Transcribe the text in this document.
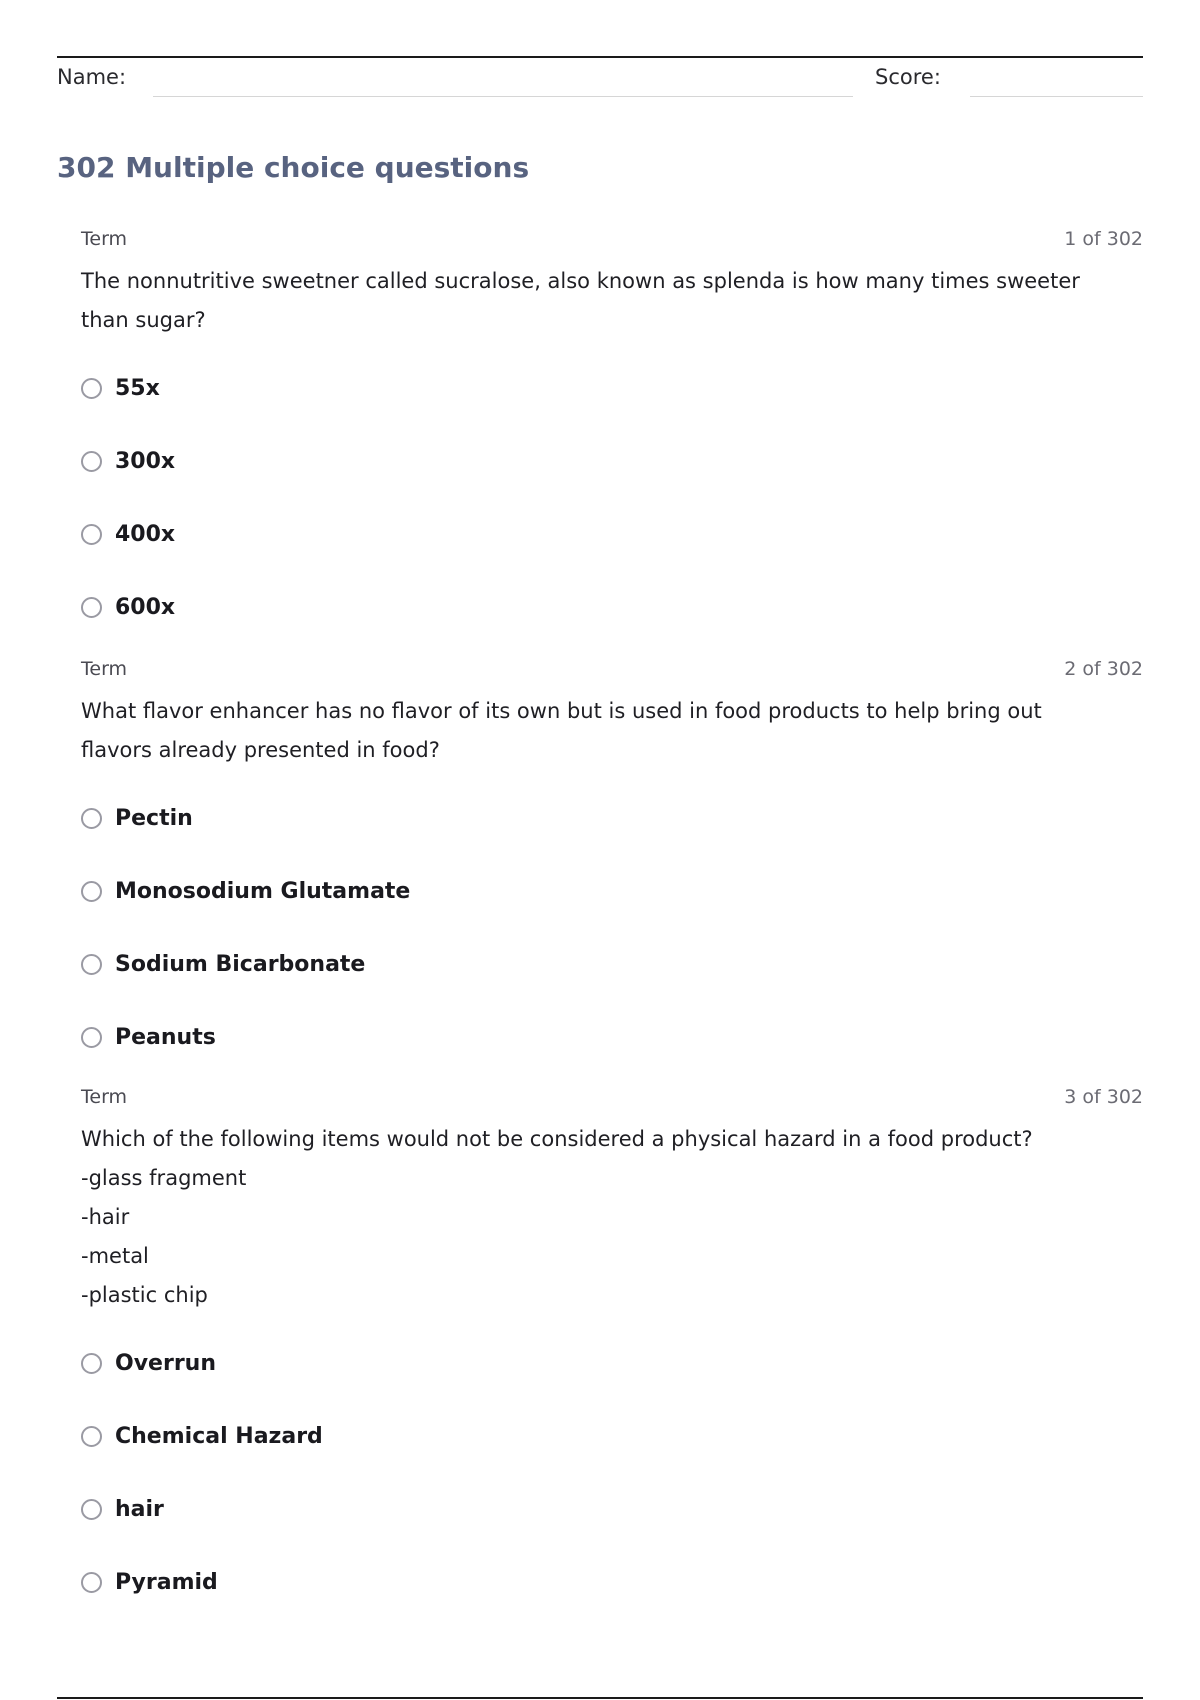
Name:	Score:
302 Multiple choice questions
Term	1 of 302
The nonnutritive sweetner called sucralose, also known as splenda is how many times sweeter
than sugar?
55x
300x
400x
600x
Term	2 of 302
What flavor enhancer has no flavor of its own but is used in food products to help bring out
flavors already presented in food?
Pectin
Monosodium Glutamate
Sodium Bicarbonate
Peanuts
Term	3 of 302
Which of the following items would not be considered a physical hazard in a food product?
-glass fragment
-hair
-metal
-plastic chip
Overrun
Chemical Hazard
hair
Pyramid
